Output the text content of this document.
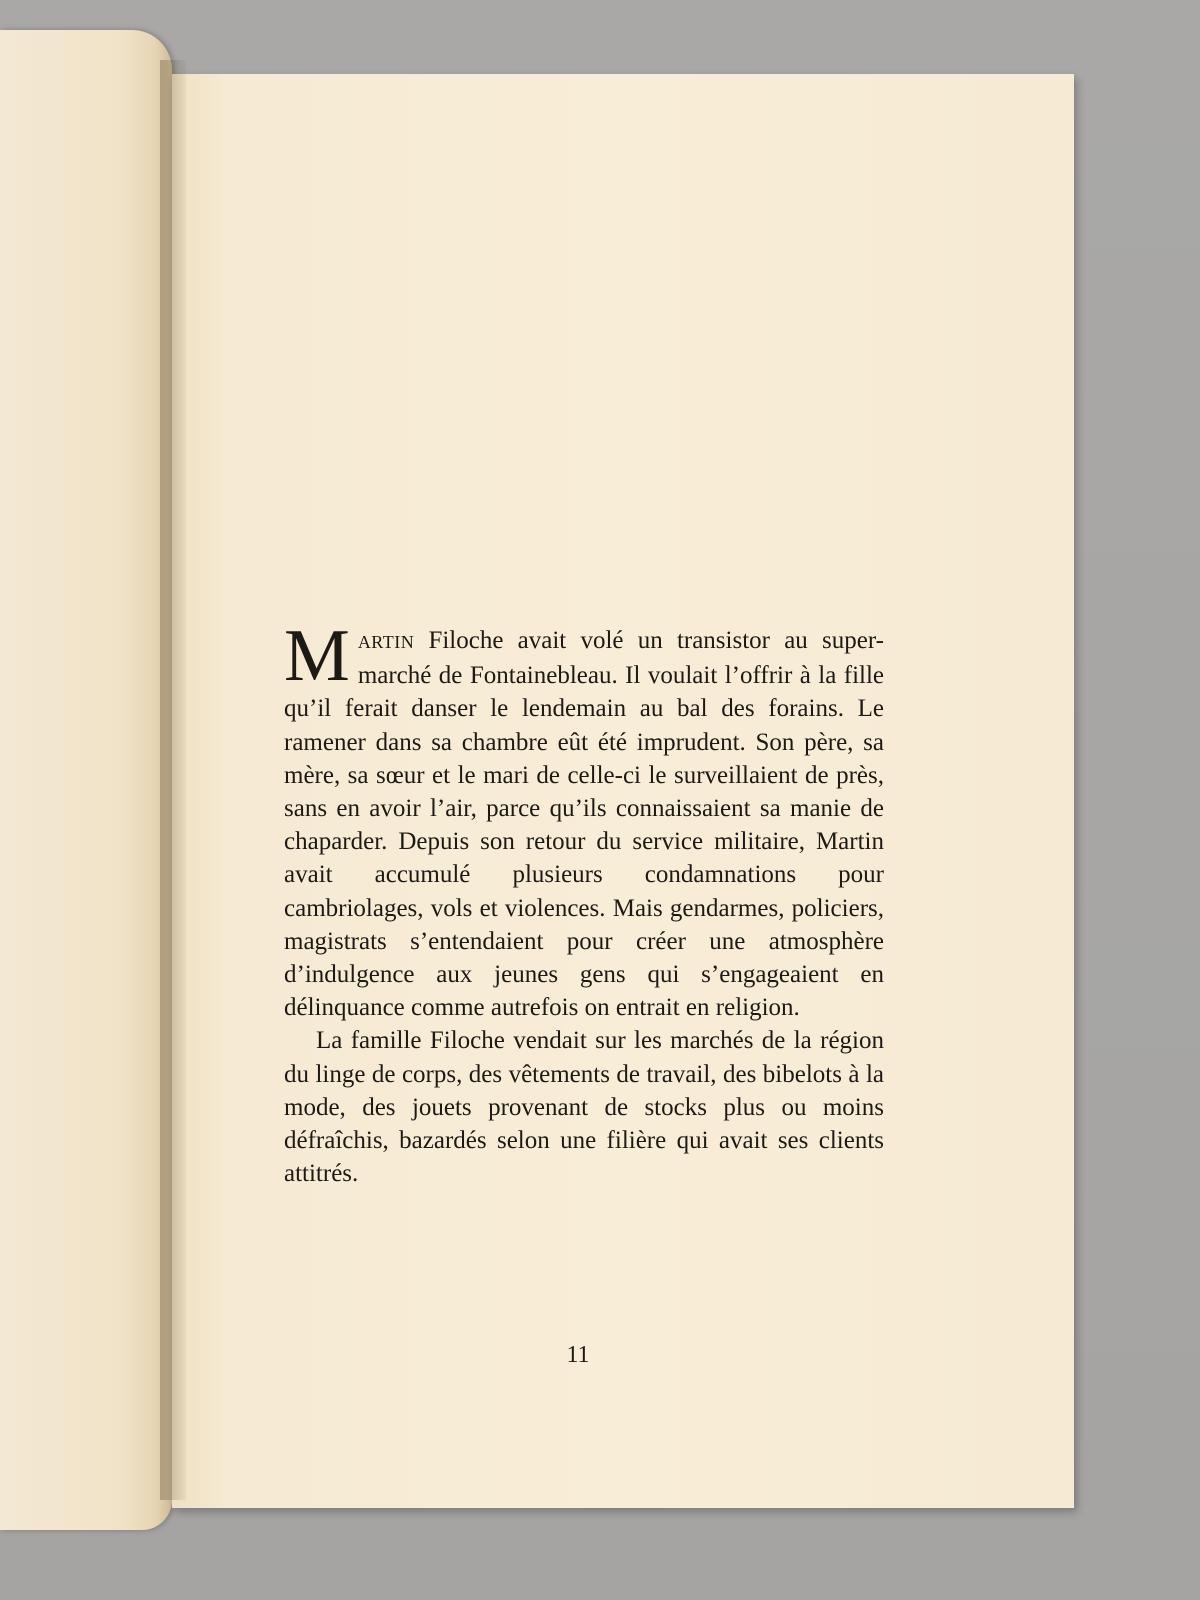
MARTIN Filoche avait volé un transistor au super-marché de Fontainebleau. Il voulait l’offrir à la fille qu’il ferait danser le lendemain au bal des forains. Le ramener dans sa chambre eût été imprudent. Son père, sa mère, sa sœur et le mari de celle-ci le surveillaient de près, sans en avoir l’air, parce qu’ils connaissaient sa manie de chaparder. Depuis son retour du service militaire, Martin avait accumulé plusieurs condamnations pour cambriolages, vols et violences. Mais gendarmes, policiers, magistrats s’entendaient pour créer une atmosphère d’indulgence aux jeunes gens qui s’engageaient en délinquance comme autrefois on entrait en religion.

La famille Filoche vendait sur les marchés de la région du linge de corps, des vêtements de travail, des bibelots à la mode, des jouets provenant de stocks plus ou moins défraîchis, bazardés selon une filière qui avait ses clients attitrés.

11
